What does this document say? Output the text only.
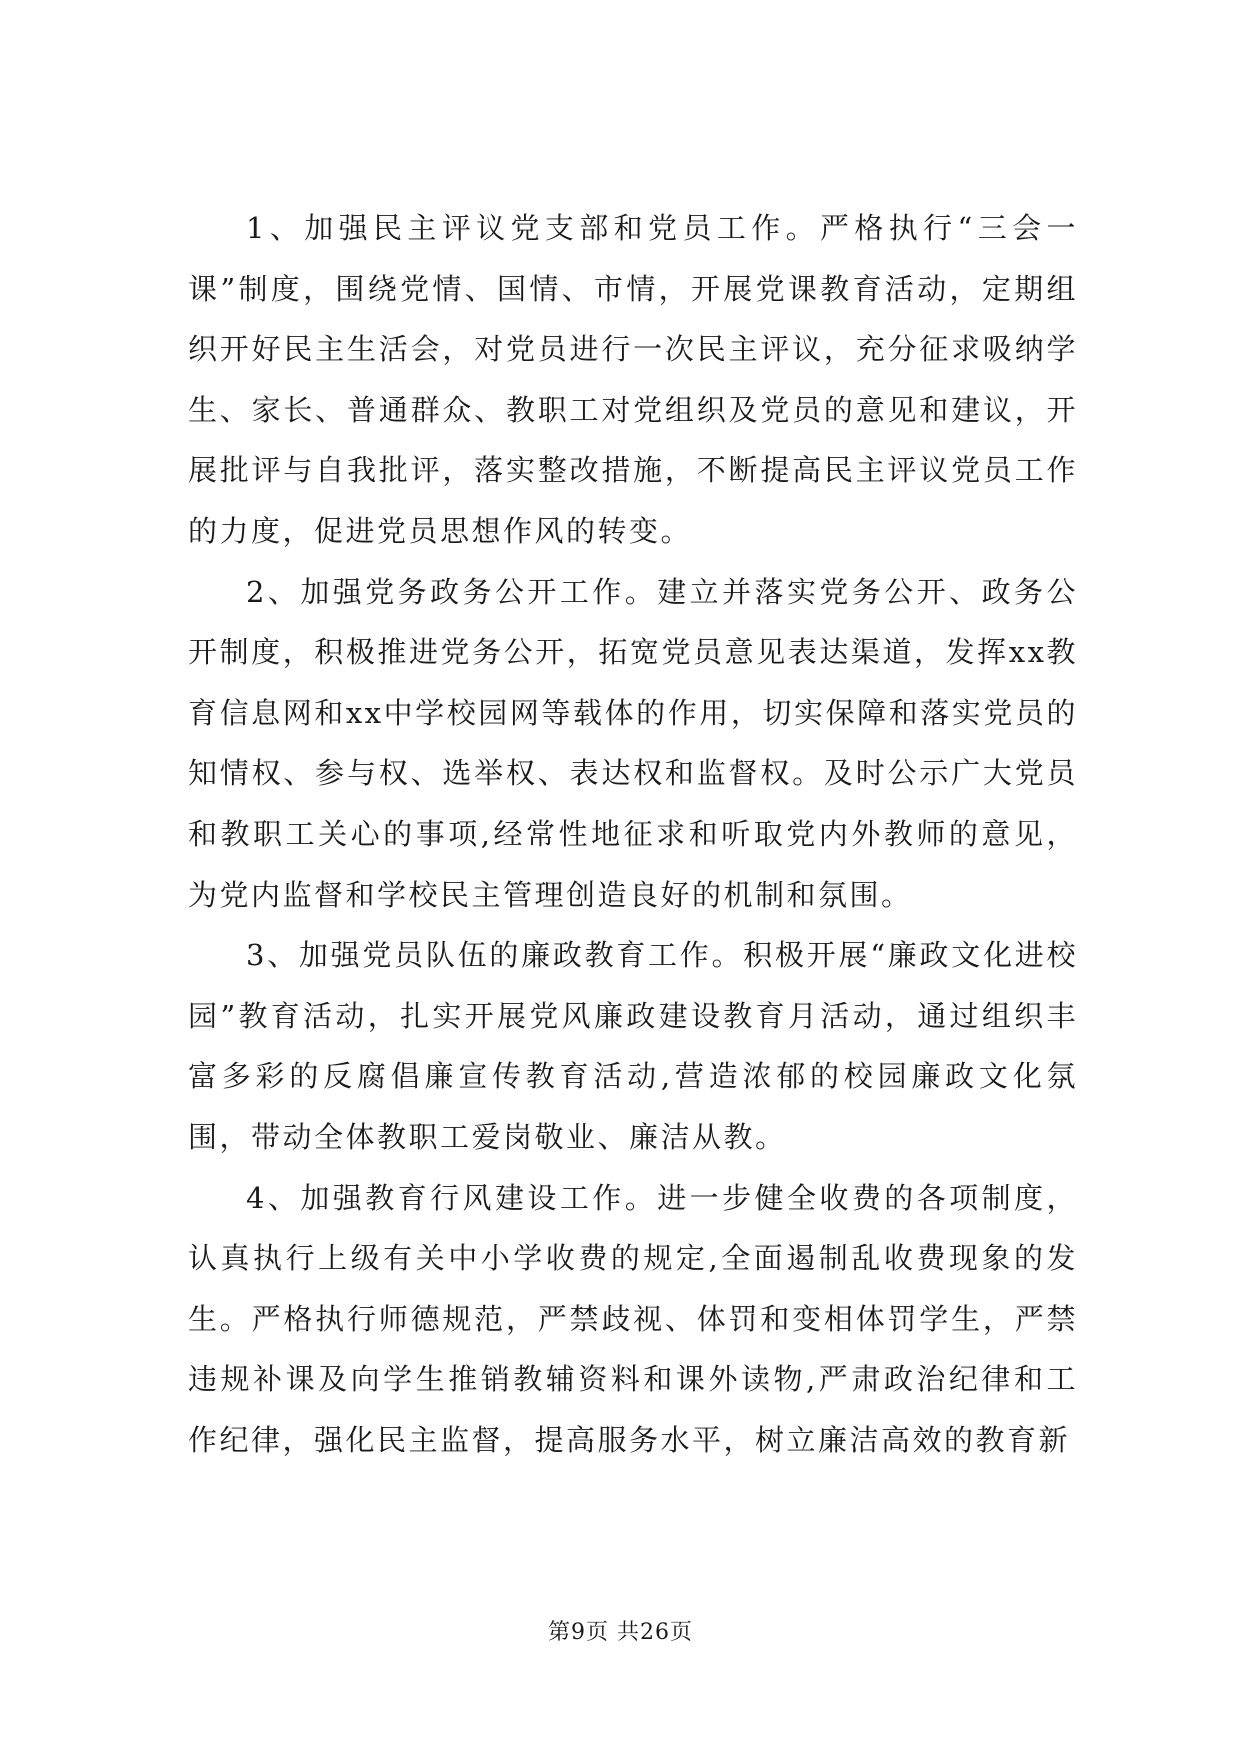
1、加强民主评议党支部和党员工作。严格执行“三会一课”制度，围绕党情、国情、市情，开展党课教育活动，定期组织开好民主生活会，对党员进行一次民主评议，充分征求吸纳学生、家长、普通群众、教职工对党组织及党员的意见和建议，开展批评与自我批评，落实整改措施，不断提高民主评议党员工作的力度，促进党员思想作风的转变。

2、加强党务政务公开工作。建立并落实党务公开、政务公开制度，积极推进党务公开，拓宽党员意见表达渠道，发挥xx教育信息网和xx中学校园网等载体的作用，切实保障和落实党员的知情权、参与权、选举权、表达权和监督权。及时公示广大党员和教职工关心的事项,经常性地征求和听取党内外教师的意见，为党内监督和学校民主管理创造良好的机制和氛围。

3、加强党员队伍的廉政教育工作。积极开展“廉政文化进校园”教育活动，扎实开展党风廉政建设教育月活动，通过组织丰富多彩的反腐倡廉宣传教育活动,营造浓郁的校园廉政文化氛围，带动全体教职工爱岗敬业、廉洁从教。

4、加强教育行风建设工作。进一步健全收费的各项制度，认真执行上级有关中小学收费的规定,全面遏制乱收费现象的发生。严格执行师德规范，严禁歧视、体罚和变相体罚学生，严禁违规补课及向学生推销教辅资料和课外读物,严肃政治纪律和工作纪律，强化民主监督，提高服务水平，树立廉洁高效的教育新

第9页 共26页
